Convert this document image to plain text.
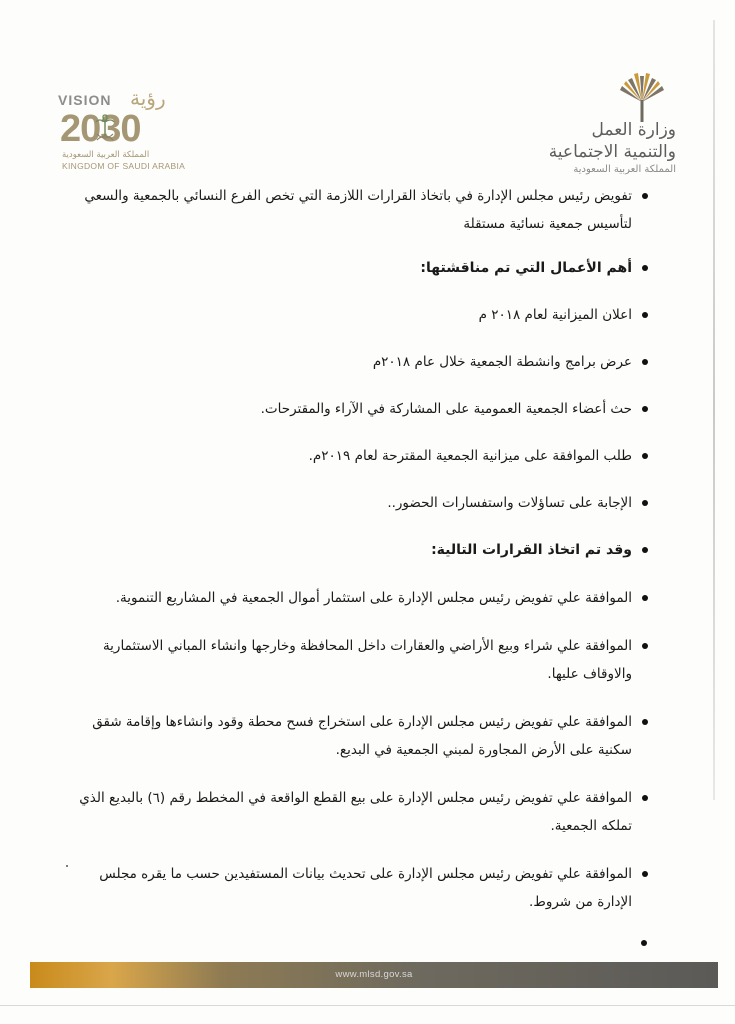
VISION رؤية
2030
المملكة العربية السعودية
KINGDOM OF SAUDI ARABIA
وزارة العمل
والتنمية الاجتماعية
المملكة العربية السعودية

تفويض رئيس مجلس الإدارة في باتخاذ القرارات اللازمة التي تخص الفرع النسائي بالجمعية والسعي لتأسيس جمعية نسائية مستقلة

أهم الأعمال التي تم مناقشتها:

اعلان الميزانية لعام ٢٠١٨ م

عرض برامج وانشطة الجمعية خلال عام ٢٠١٨م

حث أعضاء الجمعية العمومية على المشاركة في الآراء والمقترحات.

طلب الموافقة على ميزانية الجمعية المقترحة لعام ٢٠١٩م.

الإجابة على تساؤلات واستفسارات الحضور..

وقد تم اتخاذ القرارات التالية:

الموافقة علي تفويض رئيس مجلس الإدارة على استثمار أموال الجمعية في المشاريع التنموية.

الموافقة علي شراء وبيع الأراضي والعقارات داخل المحافظة وخارجها وانشاء المباني الاستثمارية والاوقاف عليها.

الموافقة علي تفويض رئيس مجلس الإدارة على استخراج فسح محطة وقود وانشاءها وإقامة شقق سكنية على الأرض المجاورة لمبني الجمعية في البديع.

الموافقة علي تفويض رئيس مجلس الإدارة على بيع القطع الواقعة في المخطط رقم (٦) بالبديع الذي تملكه الجمعية.

الموافقة علي تفويض رئيس مجلس الإدارة على تحديث بيانات المستفيدين حسب ما يقره مجلس الإدارة من شروط.

www.mlsd.gov.sa
